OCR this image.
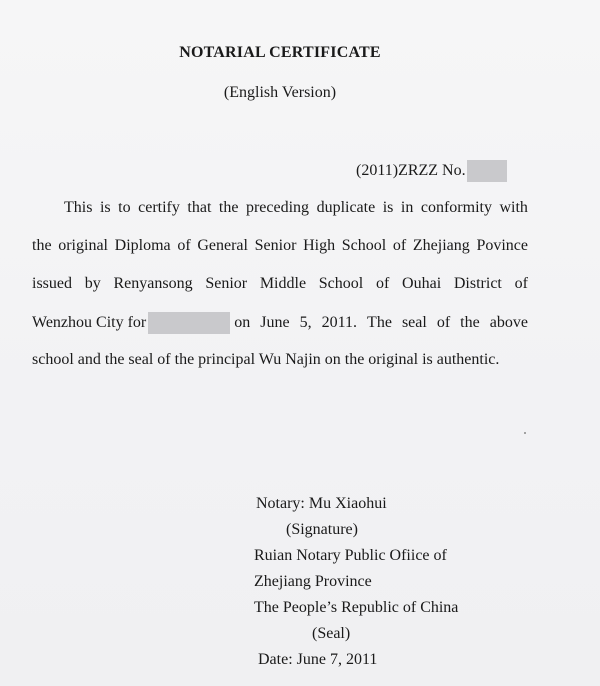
NOTARIAL CERTIFICATE
(English Version)
(2011)ZRZZ No.
This is to certify that the preceding duplicate is in conformity with
the original Diploma of General Senior High School of Zhejiang Povince
issued by Renyansong Senior Middle School of Ouhai District of
Wenzhou City for	on June 5, 2011. The seal of the above
school and the seal of the principal Wu Najin on the original is authentic.
Notary: Mu Xiaohui
(Signature)
Ruian Notary Public Ofiice of
Zhejiang Province
The People’s Republic of China
(Seal)
Date: June 7, 2011
